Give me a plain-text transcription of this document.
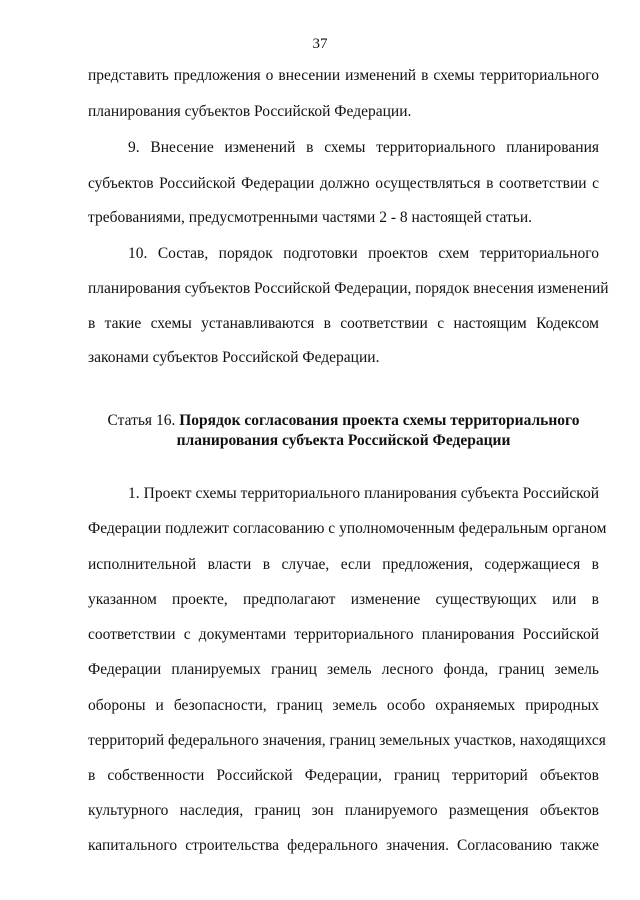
37
представить предложения о внесении изменений в схемы территориального
планирования субъектов Российской Федерации.
9. Внесение изменений в схемы территориального планирования
субъектов Российской Федерации должно осуществляться в соответствии с
требованиями, предусмотренными частями 2 - 8 настоящей статьи.
10. Состав, порядок подготовки проектов схем территориального
планирования субъектов Российской Федерации, порядок внесения изменений
в такие схемы устанавливаются в соответствии с настоящим Кодексом
законами субъектов Российской Федерации.
Статья 16. Порядок согласования проекта схемы территориального
планирования субъекта Российской Федерации
1. Проект схемы территориального планирования субъекта Российской
Федерации подлежит согласованию с уполномоченным федеральным органом
исполнительной власти в случае, если предложения, содержащиеся в
указанном проекте, предполагают изменение существующих или в
соответствии с документами территориального планирования Российской
Федерации планируемых границ земель лесного фонда, границ земель
обороны и безопасности, границ земель особо охраняемых природных
территорий федерального значения, границ земельных участков, находящихся
в собственности Российской Федерации, границ территорий объектов
культурного наследия, границ зон планируемого размещения объектов
капитального строительства федерального значения. Согласованию также
